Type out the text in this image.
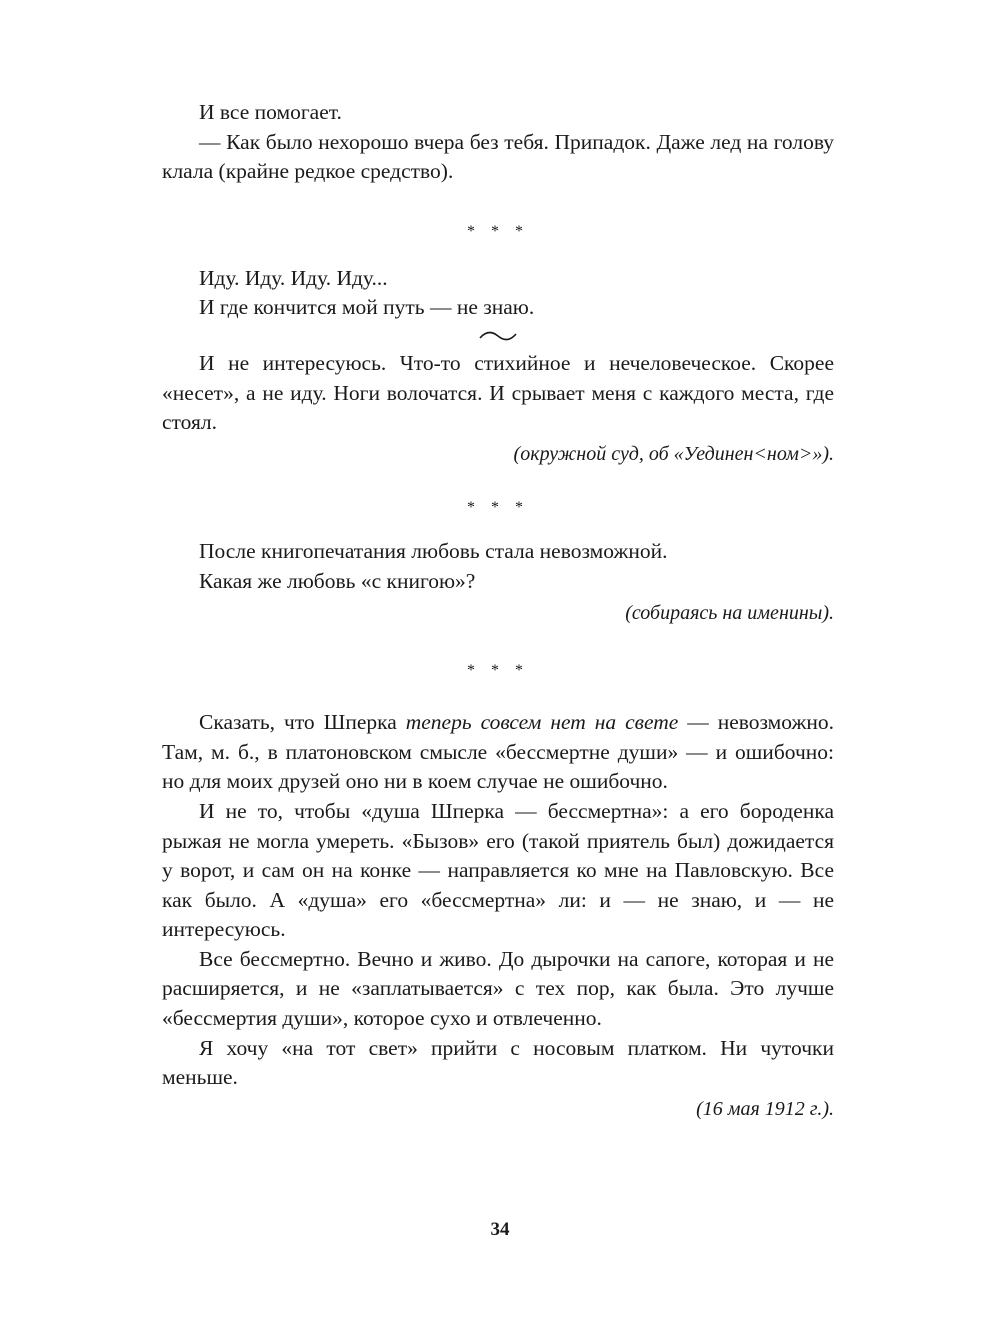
И все помогает.

— Как было нехорошо вчера без тебя. Припадок. Даже лед на голову клала (крайне редкое средство).

* * *

Иду. Иду. Иду. Иду...

И где кончится мой путь — не знаю.

И не интересуюсь. Что-то стихийное и нечеловеческое. Скорее «несет», а не иду. Ноги волочатся. И срывает меня с каждого места, где стоял.

(окружной суд, об «Уединен<ном>»).
* * *

После книгопечатания любовь стала невозможной.

Какая же любовь «с книгою»?

(собираясь на именины).
* * *

Сказать, что Шперка теперь совсем нет на свете — невозможно. Там, м. б., в платоновском смысле «бессмертне души» — и ошибочно: но для моих друзей оно ни в коем случае не ошибочно.

И не то, чтобы «душа Шперка — бессмертна»: а его бороденка рыжая не могла умереть. «Бызов» его (такой приятель был) дожидается у ворот, и сам он на конке — направляется ко мне на Павловскую. Все как было. А «душа» его «бессмертна» ли: и — не знаю, и — не интересуюсь.

Все бессмертно. Вечно и живо. До дырочки на сапоге, которая и не расширяется, и не «заплатывается» с тех пор, как была. Это лучше «бессмертия души», которое сухо и отвлеченно.

Я хочу «на тот свет» прийти с носовым платком. Ни чуточки меньше.

(16 мая 1912 г.).
34
